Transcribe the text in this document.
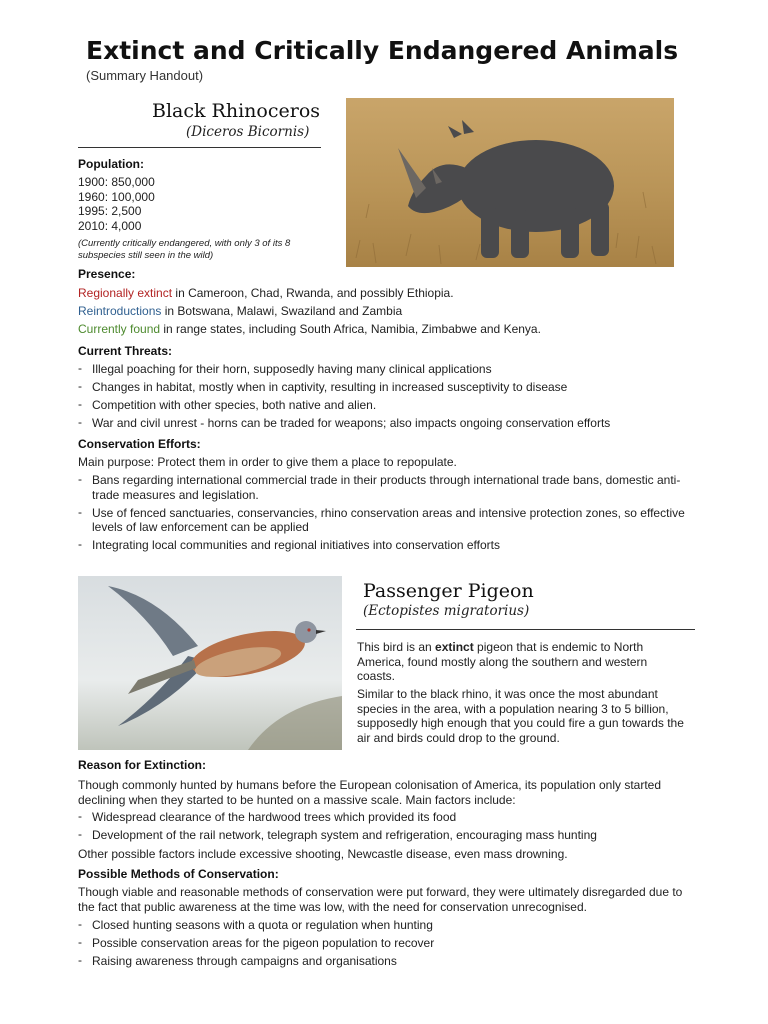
Extinct and Critically Endangered Animals
(Summary Handout)
Black Rhinoceros
(Diceros Bicornis)
Population:
1900: 850,000
1960: 100,000
1995: 2,500
2010: 4,000
(Currently critically endangered, with only 3 of its 8 subspecies still seen in the wild)
Presence:
Regionally extinct in Cameroon, Chad, Rwanda, and possibly Ethiopia.
Reintroductions in Botswana, Malawi, Swaziland and Zambia
Currently found in range states, including South Africa, Namibia, Zimbabwe and Kenya.
Current Threats:
- Illegal poaching for their horn, supposedly having many clinical applications
- Changes in habitat, mostly when in captivity, resulting in increased susceptivity to disease
- Competition with other species, both native and alien.
- War and civil unrest - horns can be traded for weapons; also impacts ongoing conservation efforts
Conservation Efforts:
Main purpose: Protect them in order to give them a place to repopulate.
- Bans regarding international commercial trade in their products through international trade bans, domestic anti-trade measures and legislation.
- Use of fenced sanctuaries, conservancies, rhino conservation areas and intensive protection zones, so effective levels of law enforcement can be applied
- Integrating local communities and regional initiatives into conservation efforts
Passenger Pigeon
(Ectopistes migratorius)
This bird is an extinct pigeon that is endemic to North America, found mostly along the southern and western coasts.
Similar to the black rhino, it was once the most abundant species in the area, with a population nearing 3 to 5 billion, supposedly high enough that you could fire a gun towards the air and birds could drop to the ground.
Reason for Extinction:
Though commonly hunted by humans before the European colonisation of America, its population only started declining when they started to be hunted on a massive scale. Main factors include:
- Widespread clearance of the hardwood trees which provided its food
- Development of the rail network, telegraph system and refrigeration, encouraging mass hunting
Other possible factors include excessive shooting, Newcastle disease, even mass drowning.
Possible Methods of Conservation:
Though viable and reasonable methods of conservation were put forward, they were ultimately disregarded due to the fact that public awareness at the time was low, with the need for conservation unrecognised.
- Closed hunting seasons with a quota or regulation when hunting
- Possible conservation areas for the pigeon population to recover
- Raising awareness through campaigns and organisations
